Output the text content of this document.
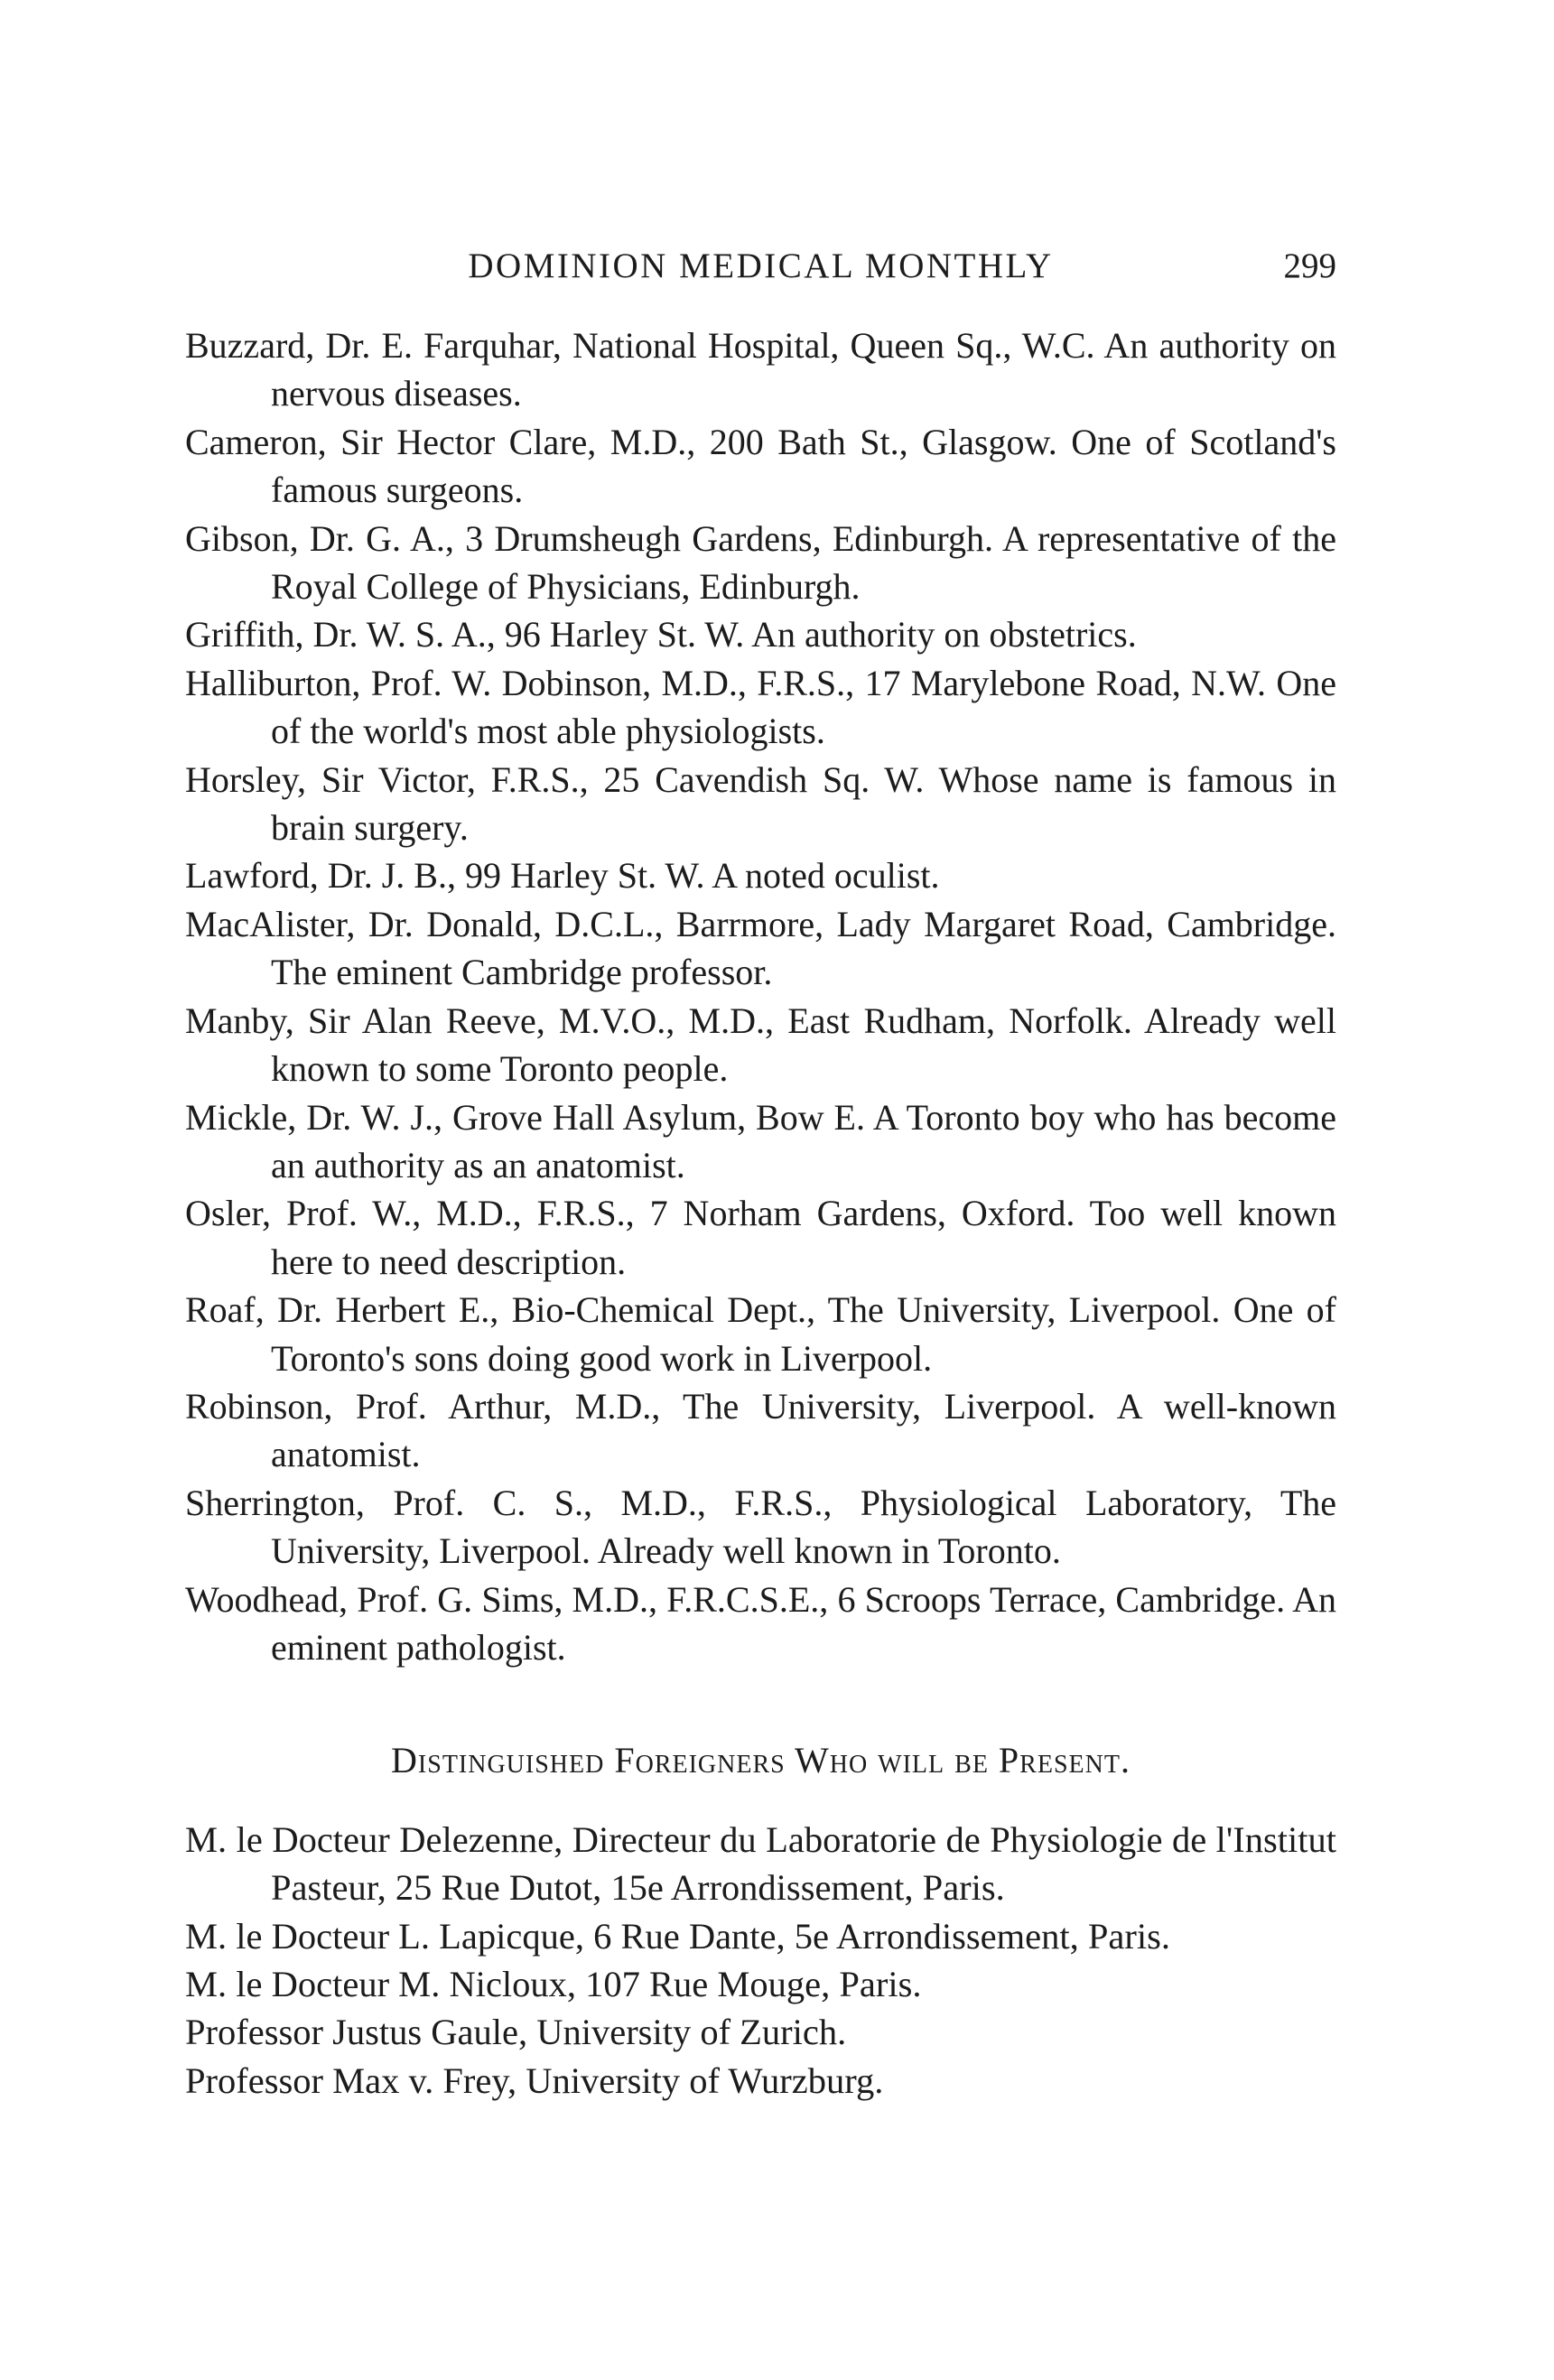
DOMINION MEDICAL MONTHLY	299

Buzzard, Dr. E. Farquhar, National Hospital, Queen Sq., W.C. An authority on nervous diseases.

Cameron, Sir Hector Clare, M.D., 200 Bath St., Glasgow. One of Scotland's famous surgeons.

Gibson, Dr. G. A., 3 Drumsheugh Gardens, Edinburgh. A representative of the Royal College of Physicians, Edinburgh.

Griffith, Dr. W. S. A., 96 Harley St. W. An authority on obstetrics.

Halliburton, Prof. W. Dobinson, M.D., F.R.S., 17 Marylebone Road, N.W. One of the world's most able physiologists.

Horsley, Sir Victor, F.R.S., 25 Cavendish Sq. W. Whose name is famous in brain surgery.

Lawford, Dr. J. B., 99 Harley St. W. A noted oculist.

MacAlister, Dr. Donald, D.C.L., Barrmore, Lady Margaret Road, Cambridge. The eminent Cambridge professor.

Manby, Sir Alan Reeve, M.V.O., M.D., East Rudham, Norfolk. Already well known to some Toronto people.

Mickle, Dr. W. J., Grove Hall Asylum, Bow E. A Toronto boy who has become an authority as an anatomist.

Osler, Prof. W., M.D., F.R.S., 7 Norham Gardens, Oxford. Too well known here to need description.

Roaf, Dr. Herbert E., Bio-Chemical Dept., The University, Liverpool. One of Toronto's sons doing good work in Liverpool.

Robinson, Prof. Arthur, M.D., The University, Liverpool. A well-known anatomist.

Sherrington, Prof. C. S., M.D., F.R.S., Physiological Laboratory, The University, Liverpool. Already well known in Toronto.

Woodhead, Prof. G. Sims, M.D., F.R.C.S.E., 6 Scroops Terrace, Cambridge. An eminent pathologist.

Distinguished Foreigners Who will be Present.

M. le Docteur Delezenne, Directeur du Laboratorie de Physiologie de l'Institut Pasteur, 25 Rue Dutot, 15e Arrondissement, Paris.

M. le Docteur L. Lapicque, 6 Rue Dante, 5e Arrondissement, Paris.

M. le Docteur M. Nicloux, 107 Rue Mouge, Paris.

Professor Justus Gaule, University of Zurich.

Professor Max v. Frey, University of Wurzburg.
